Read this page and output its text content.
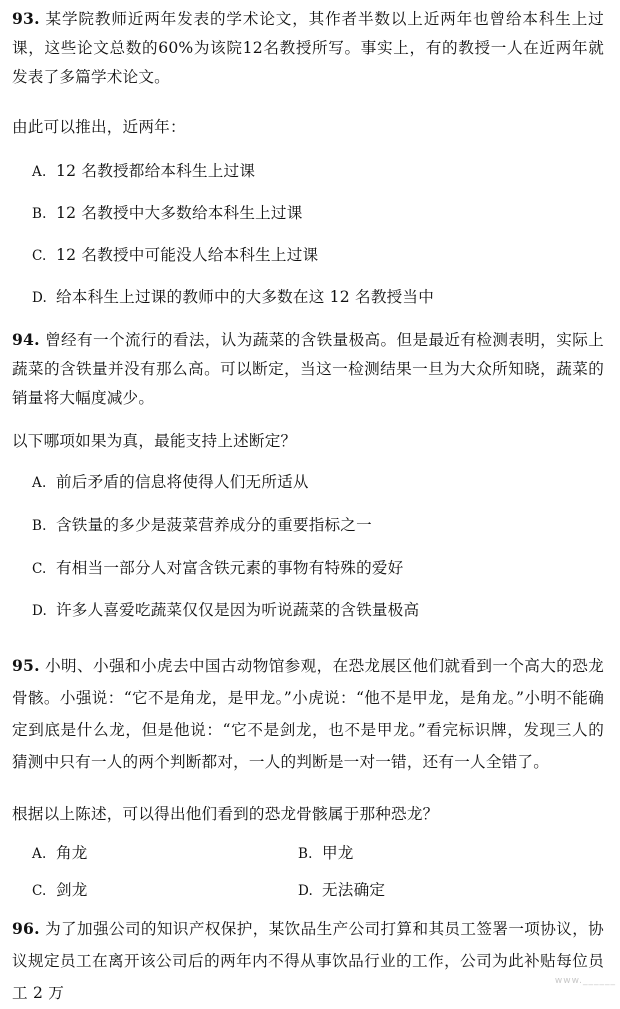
93. 某学院教师近两年发表的学术论文，其作者半数以上近两年也曾给本科生上过课，这些论文总数的60%为该院12名教授所写。事实上，有的教授一人在近两年就发表了多篇学术论文。

由此可以推出，近两年：
A. 12 名教授都给本科生上过课
B. 12 名教授中大多数给本科生上过课
C. 12 名教授中可能没人给本科生上过课
D. 给本科生上过课的教师中的大多数在这 12 名教授当中

94. 曾经有一个流行的看法，认为蔬菜的含铁量极高。但是最近有检测表明，实际上蔬菜的含铁量并没有那么高。可以断定，当这一检测结果一旦为大众所知晓，蔬菜的销量将大幅度减少。

以下哪项如果为真，最能支持上述断定？
A. 前后矛盾的信息将使得人们无所适从
B. 含铁量的多少是菠菜营养成分的重要指标之一
C. 有相当一部分人对富含铁元素的事物有特殊的爱好
D. 许多人喜爱吃蔬菜仅仅是因为听说蔬菜的含铁量极高

95. 小明、小强和小虎去中国古动物馆参观，在恐龙展区他们就看到一个高大的恐龙骨骸。小强说：“它不是角龙，是甲龙。”小虎说：“他不是甲龙，是角龙。”小明不能确定到底是什么龙，但是他说：“它不是剑龙，也不是甲龙。”看完标识牌，发现三人的猜测中只有一人的两个判断都对，一人的判断是一对一错，还有一人全错了。

根据以上陈述，可以得出他们看到的恐龙骨骸属于那种恐龙？
A. 角龙	B. 甲龙
C. 剑龙	D. 无法确定

96. 为了加强公司的知识产权保护，某饮品生产公司打算和其员工签署一项协议，协议规定员工在离开该公司后的两年内不得从事饮品行业的工作，公司为此补贴每位员工 2 万

www.______
